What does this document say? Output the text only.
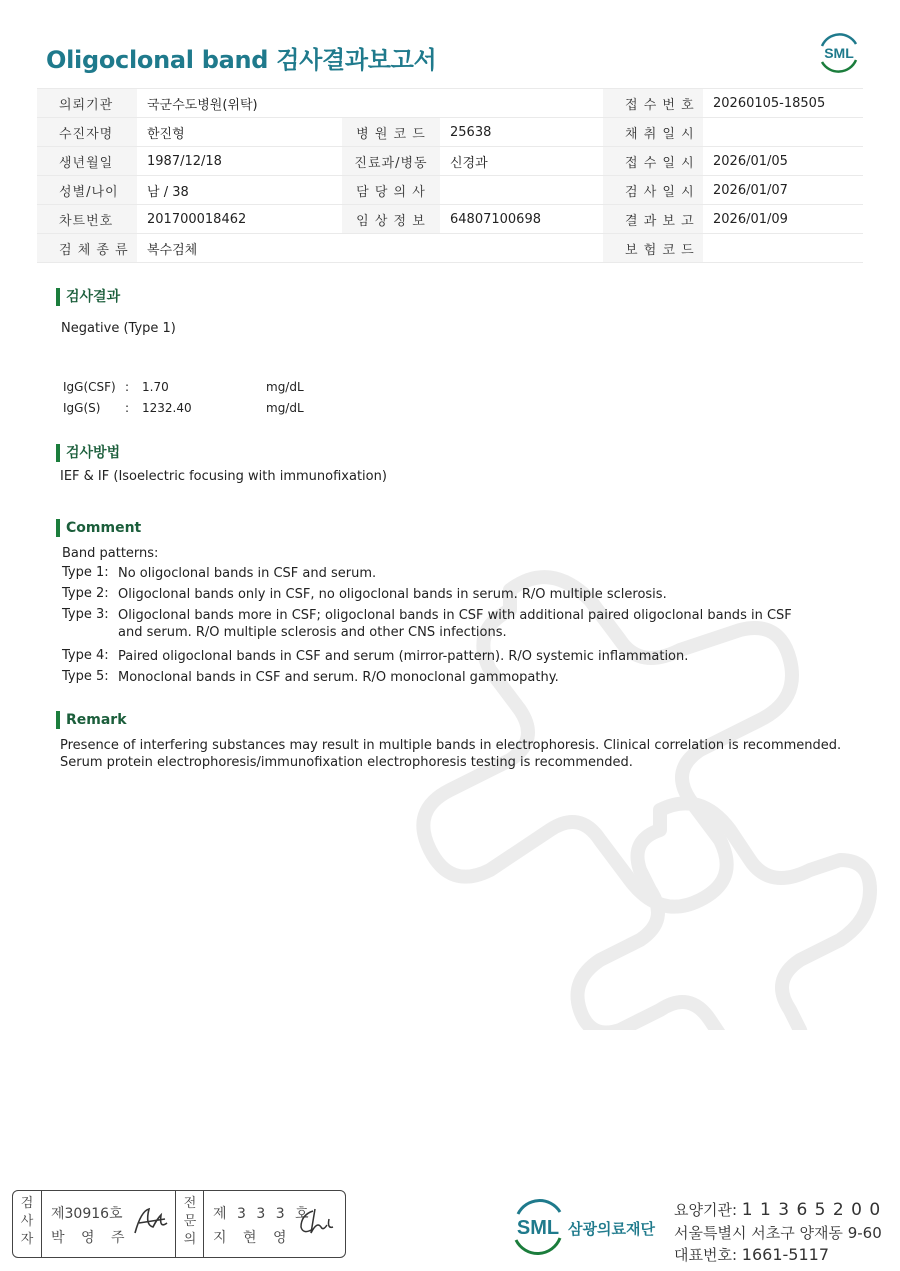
Oligoclonal band 검사결과보고서	SML
의뢰기관	국군수도병원(위탁)			접 수 번 호	20260105-18505
수진자명	한진형	병 원 코 드	25638	채 취 일 시	
생년월일	1987/12/18	진료과/병동	신경과	접 수 일 시	2026/01/05
성별/나이	남 / 38	담 당 의 사		검 사 일 시	2026/01/07
차트번호	201700018462	임 상 정 보	64807100698	결 과 보 고	2026/01/09
검 체 종 류	복수검체			보 험 코 드	
검사결과
Negative (Type 1)
IgG(CSF) : 1.70	mg/dL
IgG(S) : 1232.40	mg/dL
검사방법
IEF & IF (Isoelectric focusing with immunofixation)
Comment
Band patterns:
Type 1: No oligoclonal bands in CSF and serum.
Type 2: Oligoclonal bands only in CSF, no oligoclonal bands in serum. R/O multiple sclerosis.
Type 3: Oligoclonal bands more in CSF; oligoclonal bands in CSF with additional paired oligoclonal bands in CSF and serum. R/O multiple sclerosis and other CNS infections.
Type 4: Paired oligoclonal bands in CSF and serum (mirror-pattern). R/O systemic inflammation.
Type 5: Monoclonal bands in CSF and serum. R/O monoclonal gammopathy.
Remark
Presence of interfering substances may result in multiple bands in electrophoresis. Clinical correlation is recommended.
Serum protein electrophoresis/immunofixation electrophoresis testing is recommended.
검
사
자
제30916호
박 영 주
전
문
의
제 3 3 3 호
지 현 영	SML 삼광의료재단
요양기관: 1 1 3 6 5 2 0 0
서울특별시 서초구 양재동 9-60
대표번호: 1661-5117
